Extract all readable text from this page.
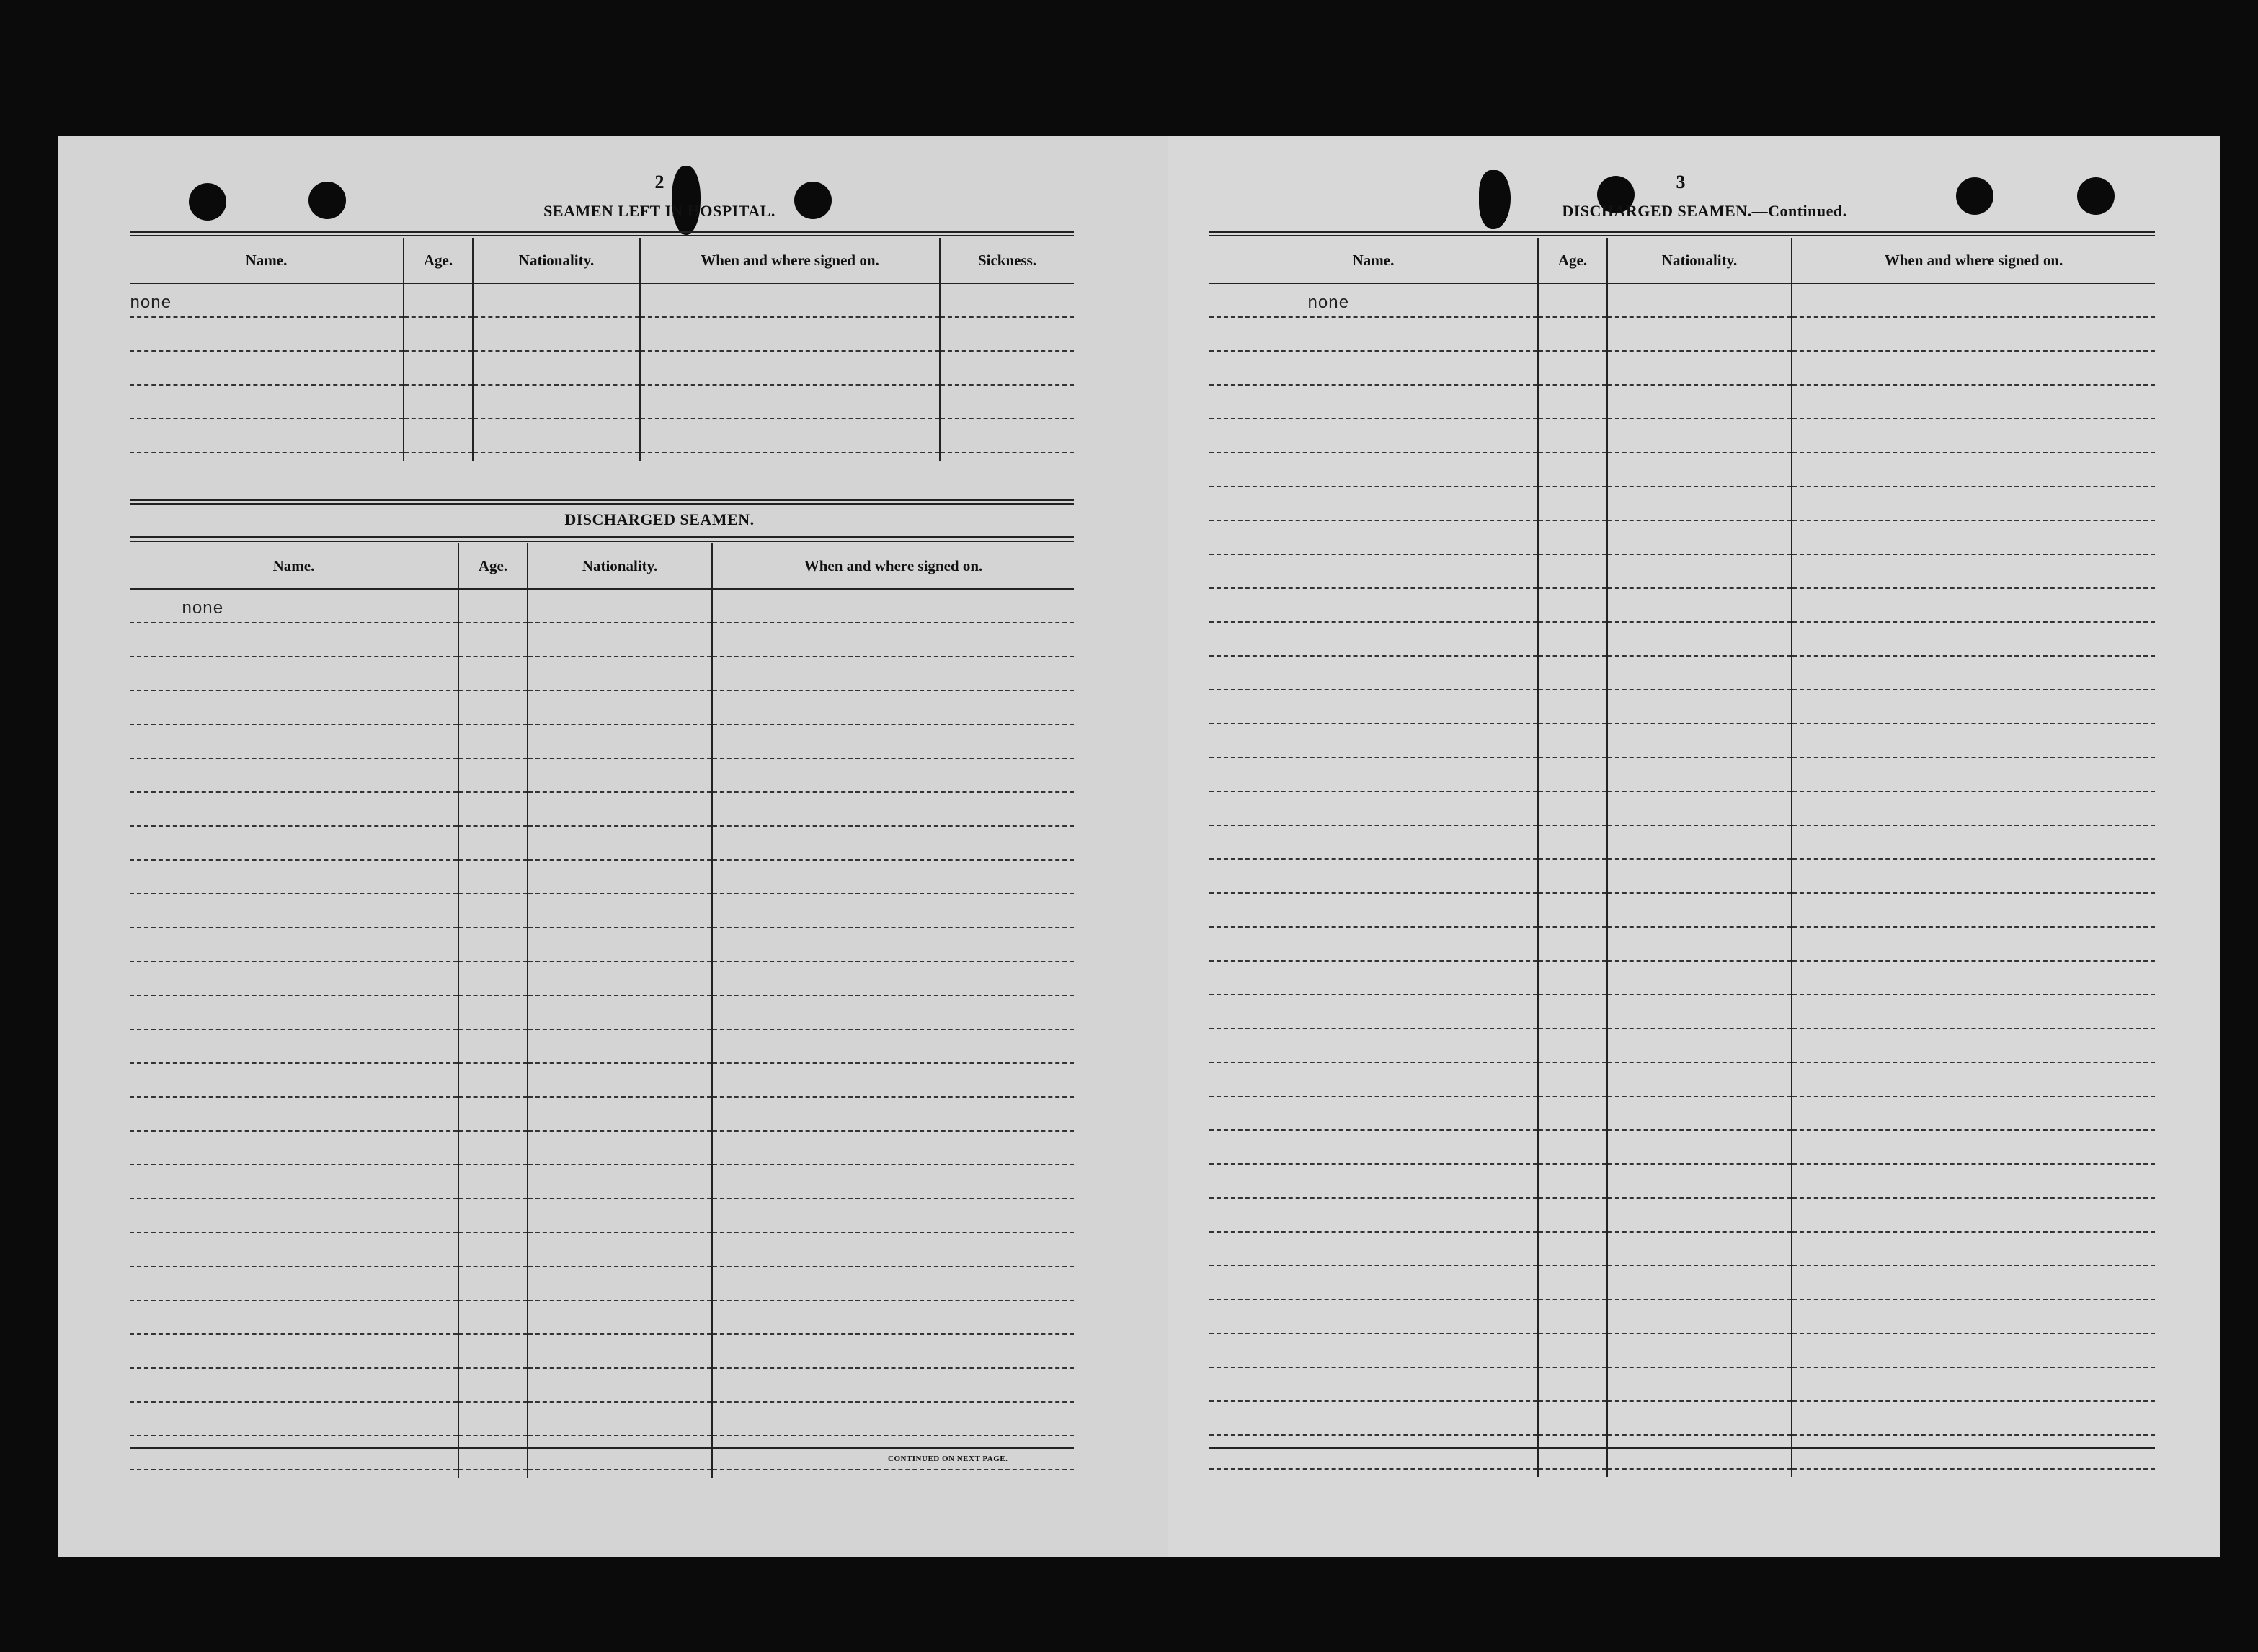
2
SEAMEN LEFT IN HOSPITAL.
Name.	Age.	Nationality.	When and where signed on.	Sickness.

none				

DISCHARGED SEAMEN.
Name.	Age.	Nationality.	When and where signed on.

none			

CONTINUED ON NEXT PAGE.
3
DISCHARGED SEAMEN.—Continued.
Name.	Age.	Nationality.	When and where signed on.

none			
